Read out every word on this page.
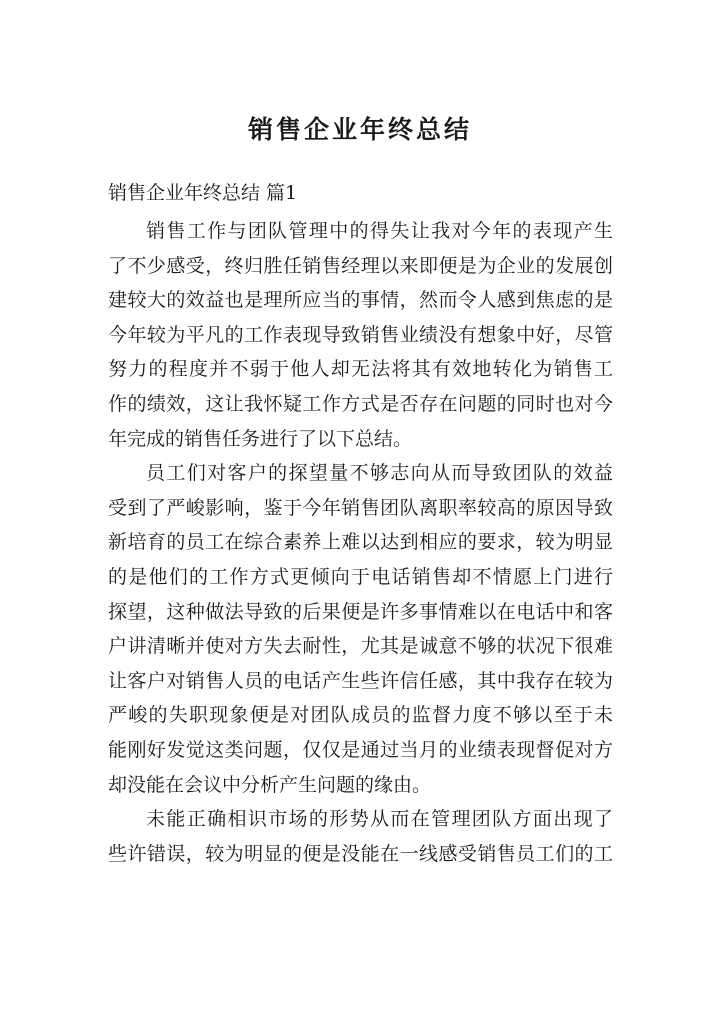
销售企业年终总结
销售企业年终总结 篇1
销售工作与团队管理中的得失让我对今年的表现产生
了不少感受，终归胜任销售经理以来即便是为企业的发展创
建较大的效益也是理所应当的事情，然而令人感到焦虑的是
今年较为平凡的工作表现导致销售业绩没有想象中好，尽管
努力的程度并不弱于他人却无法将其有效地转化为销售工
作的绩效，这让我怀疑工作方式是否存在问题的同时也对今
年完成的销售任务进行了以下总结。
员工们对客户的探望量不够志向从而导致团队的效益
受到了严峻影响，鉴于今年销售团队离职率较高的原因导致
新培育的员工在综合素养上难以达到相应的要求，较为明显
的是他们的工作方式更倾向于电话销售却不情愿上门进行
探望，这种做法导致的后果便是许多事情难以在电话中和客
户讲清晰并使对方失去耐性，尤其是诚意不够的状况下很难
让客户对销售人员的电话产生些许信任感，其中我存在较为
严峻的失职现象便是对团队成员的监督力度不够以至于未
能刚好发觉这类问题，仅仅是通过当月的业绩表现督促对方
却没能在会议中分析产生问题的缘由。
未能正确相识市场的形势从而在管理团队方面出现了
些许错误，较为明显的便是没能在一线感受销售员工们的工
